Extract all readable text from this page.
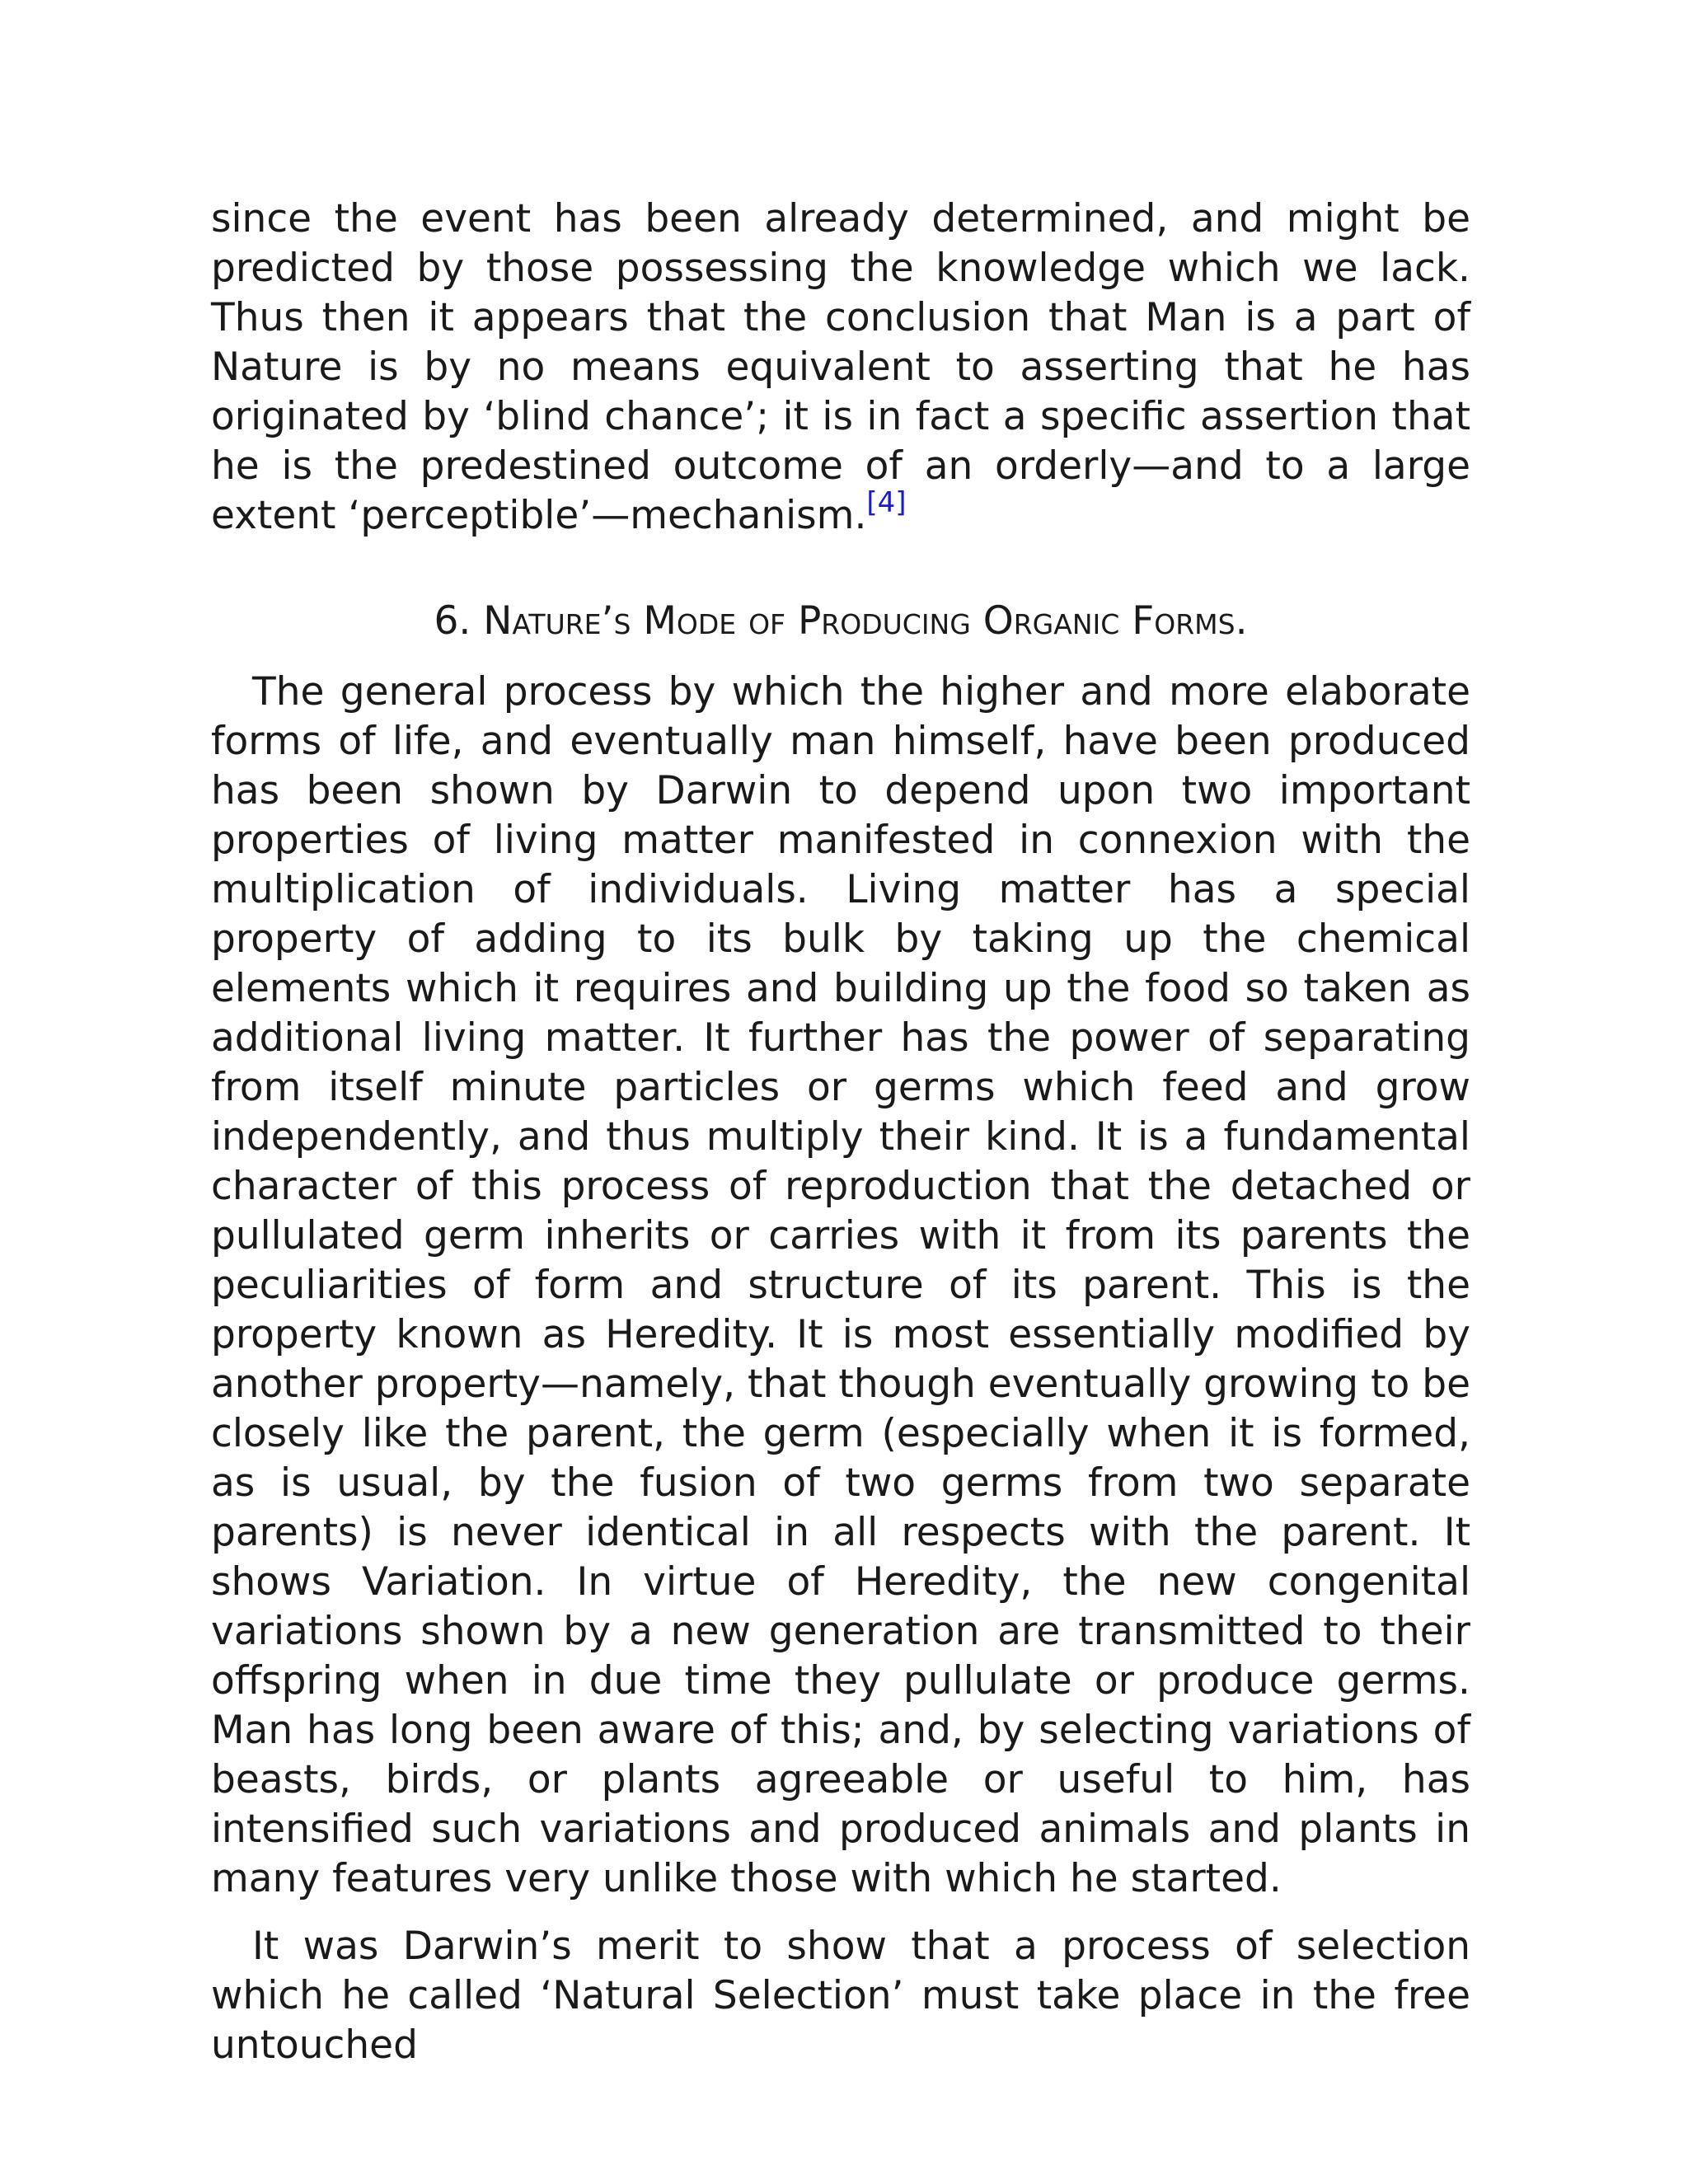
since the event has been already determined, and might be predicted by those possessing the knowledge which we lack. Thus then it appears that the conclusion that Man is a part of Nature is by no means equivalent to asserting that he has originated by ‘blind chance’; it is in fact a specific assertion that he is the predestined outcome of an orderly—and to a large extent ‘perceptible’—mechanism.[4]

6. Nature’s Mode of Producing Organic Forms.

The general process by which the higher and more elaborate forms of life, and eventually man himself, have been produced has been shown by Darwin to depend upon two important properties of living matter manifested in connexion with the multiplication of individuals. Living matter has a special property of adding to its bulk by taking up the chemical elements which it requires and building up the food so taken as additional living matter. It further has the power of separating from itself minute particles or germs which feed and grow independently, and thus multiply their kind. It is a fundamental character of this process of reproduction that the detached or pullulated germ inherits or carries with it from its parents the peculiarities of form and structure of its parent. This is the property known as Heredity. It is most essentially modified by another property—namely, that though eventually growing to be closely like the parent, the germ (especially when it is formed, as is usual, by the fusion of two germs from two separate parents) is never identical in all respects with the parent. It shows Variation. In virtue of Heredity, the new congenital variations shown by a new generation are transmitted to their offspring when in due time they pullulate or produce germs. Man has long been aware of this; and, by selecting variations of beasts, birds, or plants agreeable or useful to him, has intensified such variations and produced animals and plants in many features very unlike those with which he started.

It was Darwin’s merit to show that a process of selection which he called ‘Natural Selection’ must take place in the free untouched
